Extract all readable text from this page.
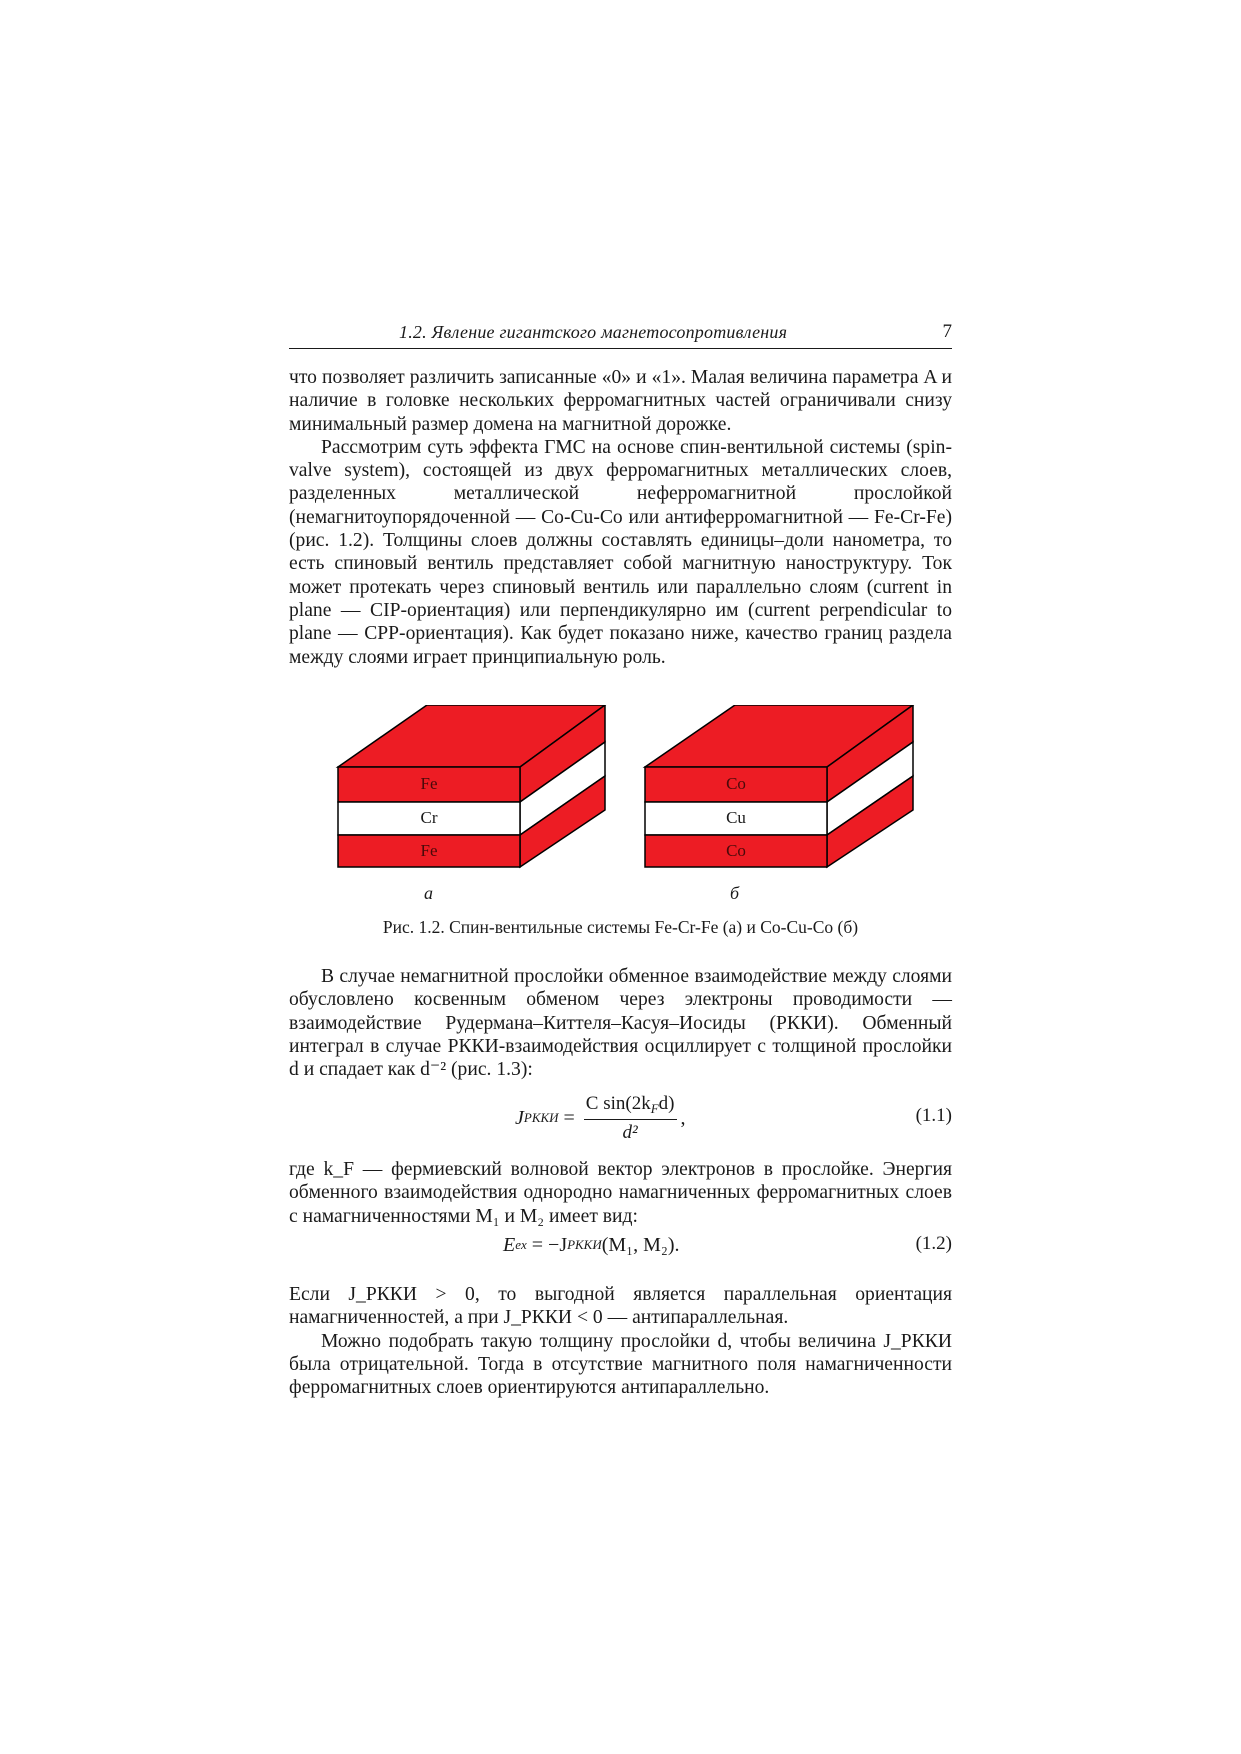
1.2. Явление гигантского магнетосопротивления	7

что позволяет различить записанные «0» и «1». Малая величина параметра A и наличие в головке нескольких ферромагнитных частей ограничивали снизу минимальный размер домена на магнитной дорожке.

Рассмотрим суть эффекта ГМС на основе спин-вентильной системы (spin-valve system), состоящей из двух ферромагнитных металлических слоев, разделенных металлической неферромагнитной прослойкой (немагнитоупорядоченной — Co-Cu-Co или антиферромагнитной — Fe-Cr-Fe) (рис. 1.2). Толщины слоев должны составлять единицы–доли нанометра, то есть спиновый вентиль представляет собой магнитную наноструктуру. Ток может протекать через спиновый вентиль или параллельно слоям (current in plane — CIP-ориентация) или перпендикулярно им (current perpendicular to plane — CPP-ориентация). Как будет показано ниже, качество границ раздела между слоями играет принципиальную роль.

Fe
Cr
Fe
Co
Cu
Co
a	б
Рис. 1.2. Спин-вентильные системы Fe-Cr-Fe (а) и Co-Cu-Co (б)

В случае немагнитной прослойки обменное взаимодействие между слоями обусловлено косвенным обменом через электроны проводимости — взаимодействие Рудермана–Киттеля–Касуя–Иосиды (РККИ). Обменный интеграл в случае РККИ-взаимодействия осциллирует с толщиной прослойки d и спадает как d⁻² (рис. 1.3):

J РККИ = $\frac{C \sin(2k_Fd)}{\text{d²}}$ ,	(1.1)

где k_F — фермиевский волновой вектор электронов в прослойке. Энергия обменного взаимодействия однородно намагниченных ферромагнитных слоев с намагниченностями M₁ и M₂ имеет вид:

E ex = −J РККИ (M₁, M₂).	(1.2)

Если J_РККИ > 0, то выгодной является параллельная ориентация намагниченностей, а при J_РККИ < 0 — антипараллельная.

Можно подобрать такую толщину прослойки d, чтобы величина J_РККИ была отрицательной. Тогда в отсутствие магнитного поля намагниченности ферромагнитных слоев ориентируются антипараллельно.
